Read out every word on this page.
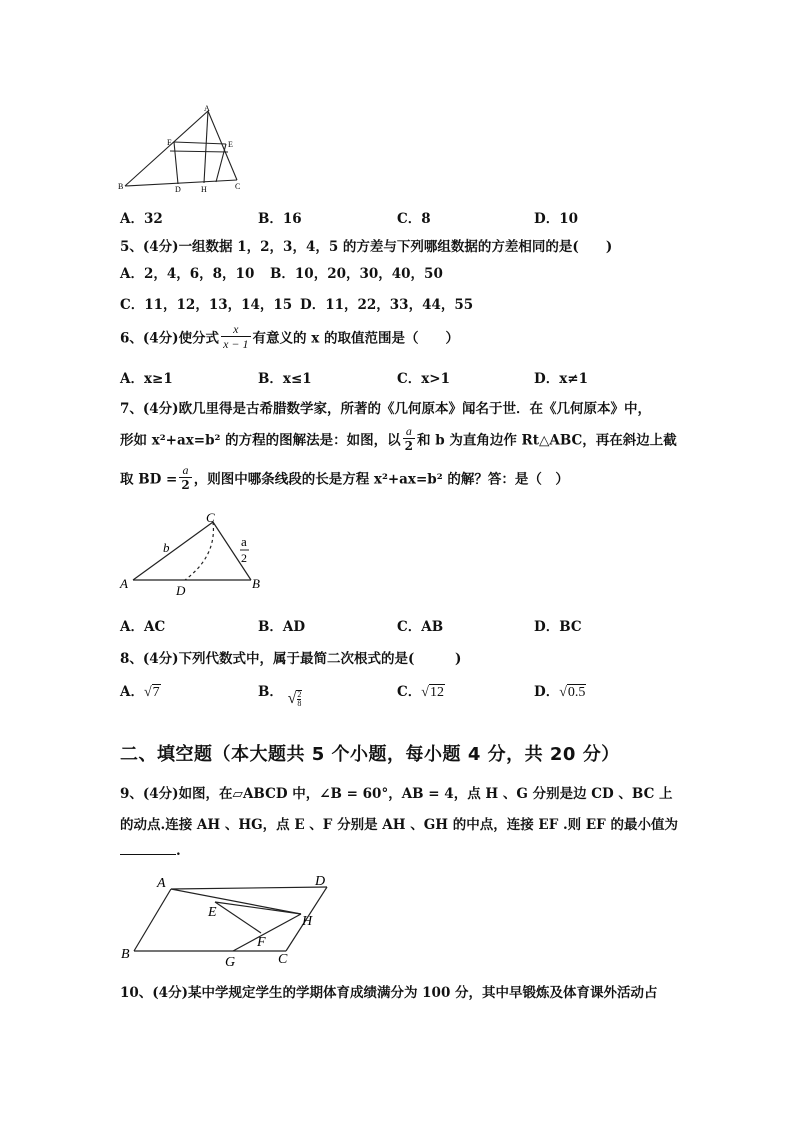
A
F	E
B	D	H	C
A．32	B．16	C．8	D．10
5、(4分)一组数据 1，2，3，4，5 的方差与下列哪组数据的方差相同的是(　　)
A．2，4，6，8，10 B．10，20，30，40，50
C．11，12，13，14，15 D．11，22，33，44，55
6、(4分)使分式 $\frac{x}{x - 1}$ 有意义的 x 的取值范围是（　　）
A．x≥1	B．x≤1	C．x>1	D．x≠1
7、(4分)欧几里得是古希腊数学家，所著的《几何原本》闻名于世．在《几何原本》中，
形如 x²+ax=b² 的方程的图解法是：如图，以 $\frac{a}{2}$ 和 b 为直角边作 Rt△ABC，再在斜边上截
取 BD = $\frac{a}{2}$ ，则图中哪条线段的长是方程 x²+ax=b² 的解？答：是（　）
C
b	a
2
A	D	B
A．AC	B．AD	C．AB	D．BC
8、(4分)下列代数式中，属于最简二次根式的是(　　　)
A．√7	B． √ $\frac{2}{8}$	C．√12	D．√0.5
二、填空题（本大题共 5 个小题，每小题 4 分，共 20 分）
9、(4分)如图，在▱ABCD 中，∠B = 60°，AB = 4，点 H 、G 分别是边 CD 、BC 上
的动点.连接 AH 、HG，点 E 、F 分别是 AH 、GH 的中点，连接 EF .则 EF 的最小值为
.
A	D
E
H
F
B
G	C
10、(4分)某中学规定学生的学期体育成绩满分为 100 分，其中早锻炼及体育课外活动占
